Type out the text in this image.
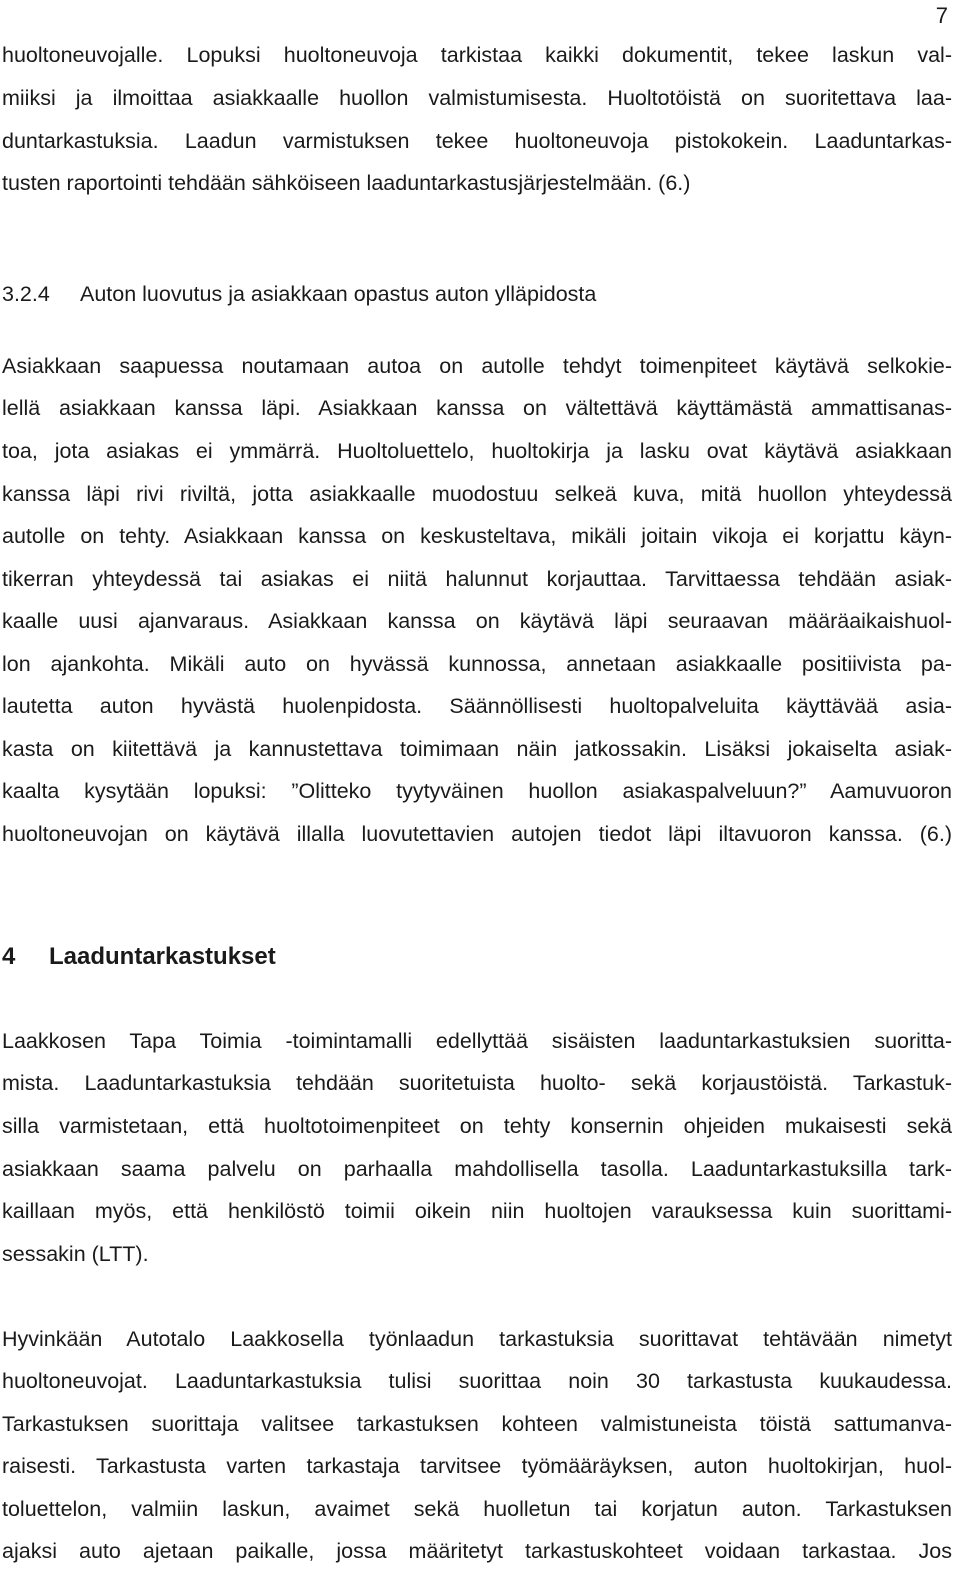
7
huoltoneuvojalle. Lopuksi huoltoneuvoja tarkistaa kaikki dokumentit, tekee laskun val-
miiksi ja ilmoittaa asiakkaalle huollon valmistumisesta. Huoltotöistä on suoritettava laa-
duntarkastuksia. Laadun varmistuksen tekee huoltoneuvoja pistokokein. Laaduntarkas-
tusten raportointi tehdään sähköiseen laaduntarkastusjärjestelmään. (6.)
3.2.4 Auton luovutus ja asiakkaan opastus auton ylläpidosta
Asiakkaan saapuessa noutamaan autoa on autolle tehdyt toimenpiteet käytävä selkokie-
lellä asiakkaan kanssa läpi. Asiakkaan kanssa on vältettävä käyttämästä ammattisanas-
toa, jota asiakas ei ymmärrä. Huoltoluettelo, huoltokirja ja lasku ovat käytävä asiakkaan
kanssa läpi rivi riviltä, jotta asiakkaalle muodostuu selkeä kuva, mitä huollon yhteydessä
autolle on tehty. Asiakkaan kanssa on keskusteltava, mikäli joitain vikoja ei korjattu käyn-
tikerran yhteydessä tai asiakas ei niitä halunnut korjauttaa. Tarvittaessa tehdään asiak-
kaalle uusi ajanvaraus. Asiakkaan kanssa on käytävä läpi seuraavan määräaikaishuol-
lon ajankohta. Mikäli auto on hyvässä kunnossa, annetaan asiakkaalle positiivista pa-
lautetta auton hyvästä huolenpidosta. Säännöllisesti huoltopalveluita käyttävää asia-
kasta on kiitettävä ja kannustettava toimimaan näin jatkossakin. Lisäksi jokaiselta asiak-
kaalta kysytään lopuksi: ”Olitteko tyytyväinen huollon asiakaspalveluun?” Aamuvuoron
huoltoneuvojan on käytävä illalla luovutettavien autojen tiedot läpi iltavuoron kanssa. (6.)
4 Laaduntarkastukset
Laakkosen Tapa Toimia -toimintamalli edellyttää sisäisten laaduntarkastuksien suoritta-
mista. Laaduntarkastuksia tehdään suoritetuista huolto- sekä korjaustöistä. Tarkastuk-
silla varmistetaan, että huoltotoimenpiteet on tehty konsernin ohjeiden mukaisesti sekä
asiakkaan saama palvelu on parhaalla mahdollisella tasolla. Laaduntarkastuksilla tark-
kaillaan myös, että henkilöstö toimii oikein niin huoltojen varauksessa kuin suorittami-
sessakin (LTT).
Hyvinkään Autotalo Laakkosella työnlaadun tarkastuksia suorittavat tehtävään nimetyt
huoltoneuvojat. Laaduntarkastuksia tulisi suorittaa noin 30 tarkastusta kuukaudessa.
Tarkastuksen suorittaja valitsee tarkastuksen kohteen valmistuneista töistä sattumanva-
raisesti. Tarkastusta varten tarkastaja tarvitsee työmääräyksen, auton huoltokirjan, huol-
toluettelon, valmiin laskun, avaimet sekä huolletun tai korjatun auton. Tarkastuksen
ajaksi auto ajetaan paikalle, jossa määritetyt tarkastuskohteet voidaan tarkastaa. Jos
